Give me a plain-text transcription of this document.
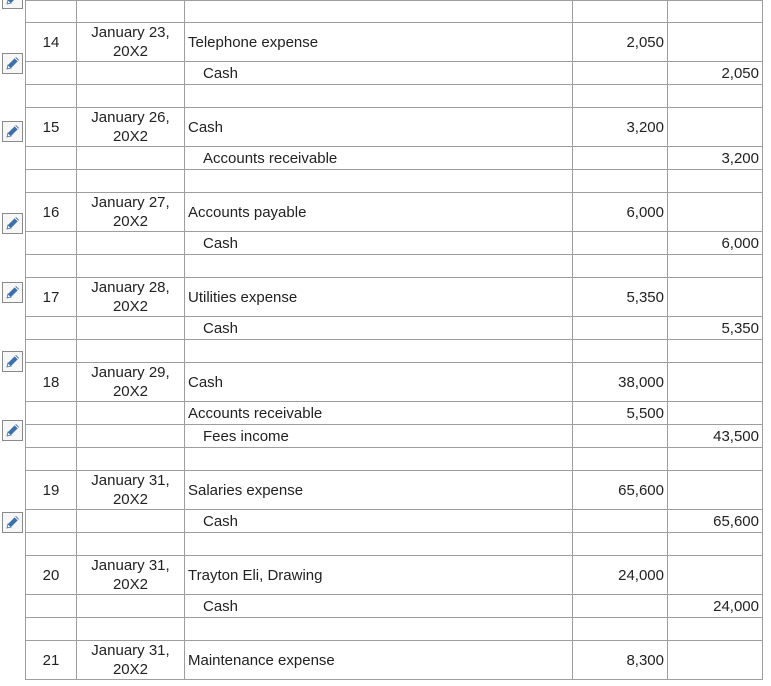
14	January 23, 20X2	Telephone expense	2,050	
		Cash		2,050

15	January 26, 20X2	Cash	3,200	
		Accounts receivable		3,200

16	January 27, 20X2	Accounts payable	6,000	
		Cash		6,000

17	January 28, 20X2	Utilities expense	5,350	
		Cash		5,350

18	January 29, 20X2	Cash	38,000	
		Accounts receivable	5,500	
		Fees income		43,500

19	January 31, 20X2	Salaries expense	65,600	
		Cash		65,600

20	January 31, 20X2	Trayton Eli, Drawing	24,000	
		Cash		24,000

21	January 31, 20X2	Maintenance expense	8,300	
